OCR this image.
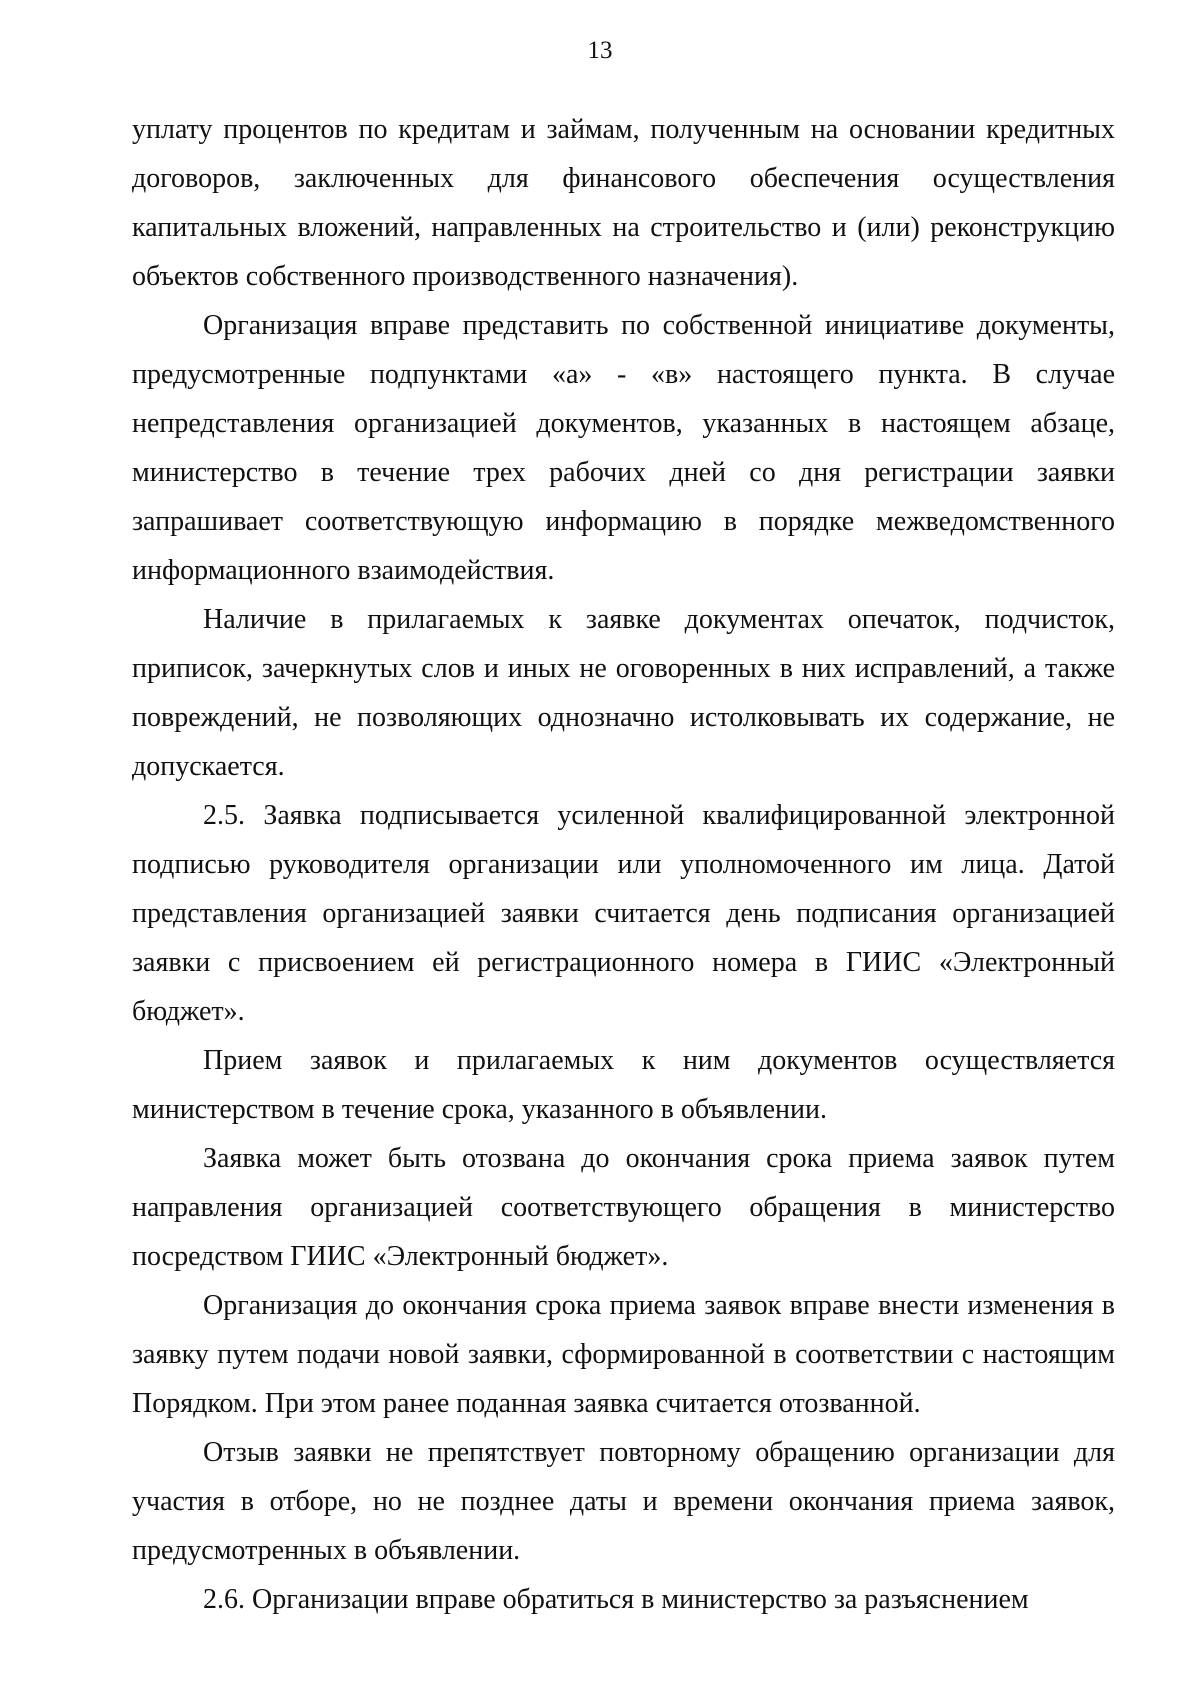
13

уплату процентов по кредитам и займам, полученным на основании кредитных договоров, заключенных для финансового обеспечения осуществления капитальных вложений, направленных на строительство и (или) реконструкцию объектов собственного производственного назначения).

Организация вправе представить по собственной инициативе документы, предусмотренные подпунктами «а» - «в» настоящего пункта. В случае непредставления организацией документов, указанных в настоящем абзаце, министерство в течение трех рабочих дней со дня регистрации заявки запрашивает соответствующую информацию в порядке межведомственного информационного взаимодействия.

Наличие в прилагаемых к заявке документах опечаток, подчисток, приписок, зачеркнутых слов и иных не оговоренных в них исправлений, а также повреждений, не позволяющих однозначно истолковывать их содержание, не допускается.

2.5. Заявка подписывается усиленной квалифицированной электронной подписью руководителя организации или уполномоченного им лица. Датой представления организацией заявки считается день подписания организацией заявки с присвоением ей регистрационного номера в ГИИС «Электронный бюджет».

Прием заявок и прилагаемых к ним документов осуществляется министерством в течение срока, указанного в объявлении.

Заявка может быть отозвана до окончания срока приема заявок путем направления организацией соответствующего обращения в министерство посредством ГИИС «Электронный бюджет».

Организация до окончания срока приема заявок вправе внести изменения в заявку путем подачи новой заявки, сформированной в соответствии с настоящим Порядком. При этом ранее поданная заявка считается отозванной.

Отзыв заявки не препятствует повторному обращению организации для участия в отборе, но не позднее даты и времени окончания приема заявок, предусмотренных в объявлении.

2.6. Организации вправе обратиться в министерство за разъяснением
